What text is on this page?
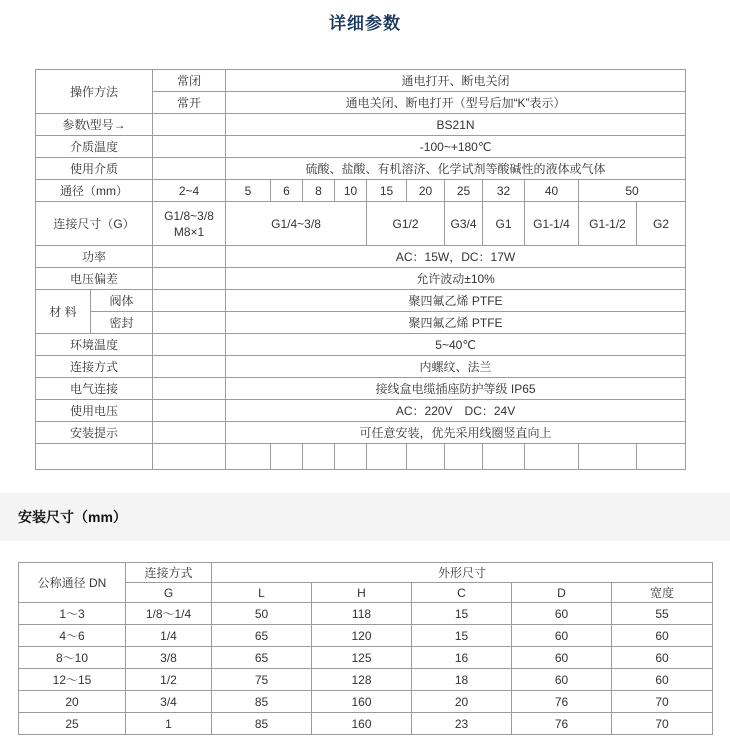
详细参数
操作方法		常闭	通电打开、断电关闭										
		常开	通电关闭、断电打开（型号后加“K”表示）										
参数\型号→			BS21N										
介质温度			-100~+180℃										
使用介质			硫酸、盐酸、有机溶济、化学试剂等酸碱性的液体或气体										
通径（mm）		2~4	5	6	8	10	15	20	25	32	40	50	
连接尺寸（G）		G1/8~3/8
M8×1	G1/4~3/8				G1/2		G3/4	G1	G1-1/4	G1-1/2	G2
功率			AC：15W，DC：17W										
电压偏差			允许波动±10%										
材 料	阀体		聚四氟乙烯 PTFE										
	密封		聚四氟乙烯 PTFE										
环境温度			5~40℃										
连接方式			内螺纹、法兰										
电气连接			接线盒电缆插座防护等级 IP65										
使用电压			AC：220V　DC：24V										
安装提示			可任意安装，优先采用线圈竖直向上										

安装尺寸（mm）
公称通径 DN	连接方式	外形尺寸				
	G	L	H	C	D	宽度
1～3	1/8～1/4	50	118	15	60	55
4～6	1/4	65	120	15	60	60
8～10	3/8	65	125	16	60	60
12～15	1/2	75	128	18	60	60
20	3/4	85	160	20	76	70
25	1	85	160	23	76	70
